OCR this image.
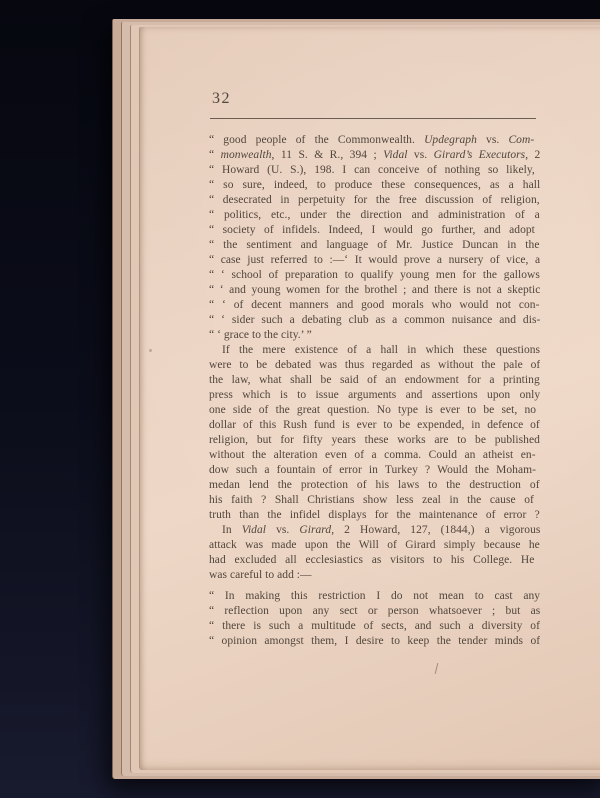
32
“ good people of the Commonwealth. Updegraph vs. Com-
“ monwealth, 11 S. & R., 394 ; Vidal vs. Girard’s Executors, 2
“ Howard (U. S.), 198. I can conceive of nothing so likely,
“ so sure, indeed, to produce these consequences, as a hall
“ desecrated in perpetuity for the free discussion of religion,
“ politics, etc., under the direction and administration of a
“ society of infidels. Indeed, I would go further, and adopt
“ the sentiment and language of Mr. Justice Duncan in the
“ case just referred to :—‘ It would prove a nursery of vice, a
“ ‘ school of preparation to qualify young men for the gallows
“ ‘ and young women for the brothel ; and there is not a skeptic
“ ‘ of decent manners and good morals who would not con-
“ ‘ sider such a debating club as a common nuisance and dis-
“ ‘ grace to the city.’ ”
If the mere existence of a hall in which these questions
were to be debated was thus regarded as without the pale of
the law, what shall be said of an endowment for a printing
press which is to issue arguments and assertions upon only
one side of the great question. No type is ever to be set, no
dollar of this Rush fund is ever to be expended, in defence of
religion, but for fifty years these works are to be published
without the alteration even of a comma. Could an atheist en-
dow such a fountain of error in Turkey ? Would the Moham-
medan lend the protection of his laws to the destruction of
his faith ? Shall Christians show less zeal in the cause of
truth than the infidel displays for the maintenance of error ?
In Vidal vs. Girard, 2 Howard, 127, (1844,) a vigorous
attack was made upon the Will of Girard simply because he
had excluded all ecclesiastics as visitors to his College. He
was careful to add :—
“ In making this restriction I do not mean to cast any
“ reflection upon any sect or person whatsoever ; but as
“ there is such a multitude of sects, and such a diversity of
“ opinion amongst them, I desire to keep the tender minds of
